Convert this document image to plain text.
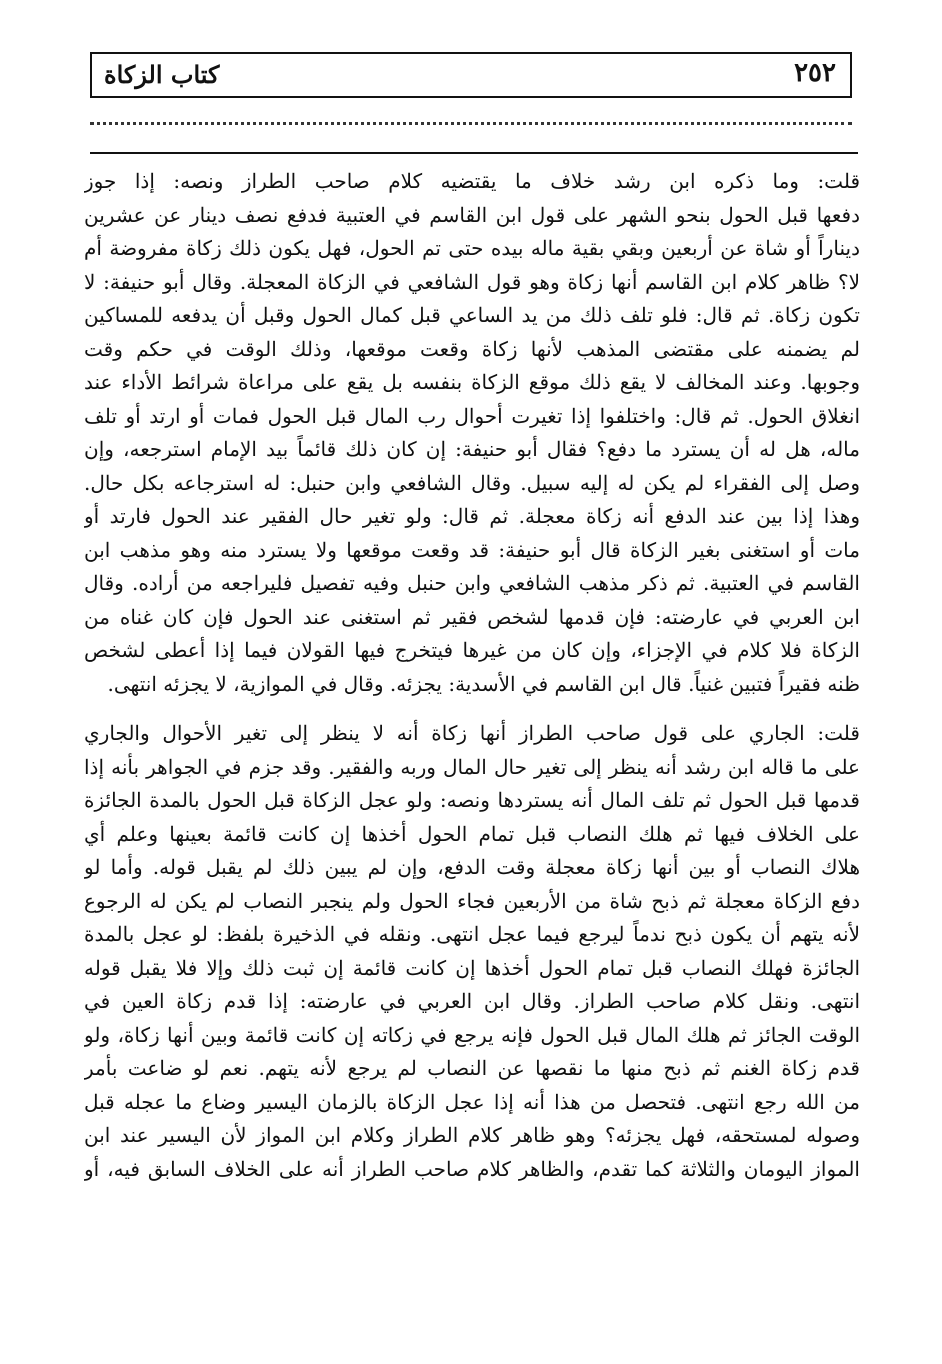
كتاب الزكاة	٢٥٢
قلت: وما ذكره ابن رشد خلاف ما يقتضيه كلام صاحب الطراز ونصه: إذا جوز
دفعها قبل الحول بنحو الشهر على قول ابن القاسم في العتبية فدفع نصف دينار عن عشرين
ديناراً أو شاة عن أربعين وبقي بقية ماله بيده حتى تم الحول، فهل يكون ذلك زكاة مفروضة أم
لا؟ ظاهر كلام ابن القاسم أنها زكاة وهو قول الشافعي في الزكاة المعجلة. وقال أبو حنيفة: لا
تكون زكاة. ثم قال: فلو تلف ذلك من يد الساعي قبل كمال الحول وقبل أن يدفعه للمساكين
لم يضمنه على مقتضى المذهب لأنها زكاة وقعت موقعها، وذلك الوقت في حكم وقت
وجوبها. وعند المخالف لا يقع ذلك موقع الزكاة بنفسه بل يقع على مراعاة شرائط الأداء عند
انغلاق الحول. ثم قال: واختلفوا إذا تغيرت أحوال رب المال قبل الحول فمات أو ارتد أو تلف
ماله، هل له أن يسترد ما دفع؟ فقال أبو حنيفة: إن كان ذلك قائماً بيد الإمام استرجعه، وإن
وصل إلى الفقراء لم يكن له إليه سبيل. وقال الشافعي وابن حنبل: له استرجاعه بكل حال.
وهذا إذا بين عند الدفع أنه زكاة معجلة. ثم قال: ولو تغير حال الفقير عند الحول فارتد أو
مات أو استغنى بغير الزكاة قال أبو حنيفة: قد وقعت موقعها ولا يسترد منه وهو مذهب ابن
القاسم في العتبية. ثم ذكر مذهب الشافعي وابن حنبل وفيه تفصيل فليراجعه من أراده. وقال
ابن العربي في عارضته: فإن قدمها لشخص فقير ثم استغنى عند الحول فإن كان غناه من
الزكاة فلا كلام في الإجزاء، وإن كان من غيرها فيتخرج فيها القولان فيما إذا أعطى لشخص
ظنه فقيراً فتبين غنياً. قال ابن القاسم في الأسدية: يجزئه. وقال في الموازية، لا يجزئه انتهى.
قلت: الجاري على قول صاحب الطراز أنها زكاة أنه لا ينظر إلى تغير الأحوال والجاري
على ما قاله ابن رشد أنه ينظر إلى تغير حال المال وربه والفقير. وقد جزم في الجواهر بأنه إذا
قدمها قبل الحول ثم تلف المال أنه يستردها ونصه: ولو عجل الزكاة قبل الحول بالمدة الجائزة
على الخلاف فيها ثم هلك النصاب قبل تمام الحول أخذها إن كانت قائمة بعينها وعلم أي
هلاك النصاب أو بين أنها زكاة معجلة وقت الدفع، وإن لم يبين ذلك لم يقبل قوله. وأما لو
دفع الزكاة معجلة ثم ذبح شاة من الأربعين فجاء الحول ولم ينجبر النصاب لم يكن له الرجوع
لأنه يتهم أن يكون ذبح ندماً ليرجع فيما عجل انتهى. ونقله في الذخيرة بلفظ: لو عجل بالمدة
الجائزة فهلك النصاب قبل تمام الحول أخذها إن كانت قائمة إن ثبت ذلك وإلا فلا يقبل قوله
انتهى. ونقل كلام صاحب الطراز. وقال ابن العربي في عارضته: إذا قدم زكاة العين في
الوقت الجائز ثم هلك المال قبل الحول فإنه يرجع في زكاته إن كانت قائمة وبين أنها زكاة، ولو
قدم زكاة الغنم ثم ذبح منها ما نقصها عن النصاب لم يرجع لأنه يتهم. نعم لو ضاعت بأمر
من الله رجع انتهى. فتحصل من هذا أنه إذا عجل الزكاة بالزمان اليسير وضاع ما عجله قبل
وصوله لمستحقه، فهل يجزئه؟ وهو ظاهر كلام الطراز وكلام ابن المواز لأن اليسير عند ابن
المواز اليومان والثلاثة كما تقدم، والظاهر كلام صاحب الطراز أنه على الخلاف السابق فيه، أو
